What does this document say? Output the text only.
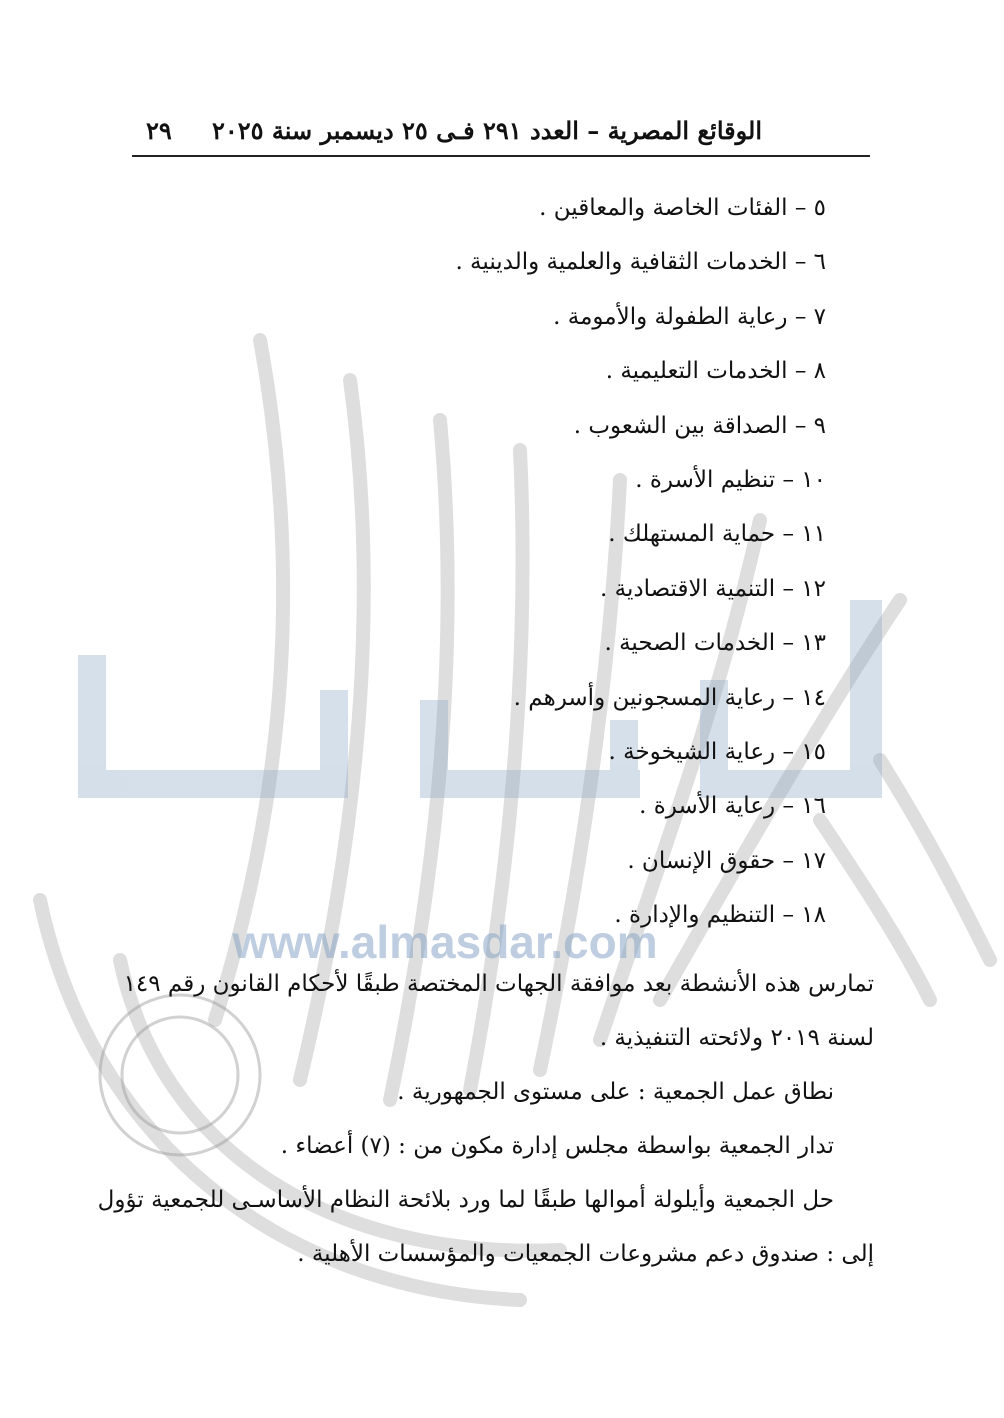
www.almasdar.com
الوقائع المصرية – العدد ٢٩١ فـى ٢٥ ديسمبر سنة ٢٠٢٥
٢٩
٥ – الفئات الخاصة والمعاقين .
٦ – الخدمات الثقافية والعلمية والدينية .
٧ – رعاية الطفولة والأمومة .
٨ – الخدمات التعليمية .
٩ – الصداقة بين الشعوب .
١٠ – تنظيم الأسرة .
١١ – حماية المستهلك .
١٢ – التنمية الاقتصادية .
١٣ – الخدمات الصحية .
١٤ – رعاية المسجونين وأسرهم .
١٥ – رعاية الشيخوخة .
١٦ – رعاية الأسرة .
١٧ – حقوق الإنسان .
١٨ – التنظيم والإدارة .
تمارس هذه الأنشطة بعد موافقة الجهات المختصة طبقًا لأحكام القانون رقم ١٤٩
لسنة ٢٠١٩ ولائحته التنفيذية .
نطاق عمل الجمعية : على مستوى الجمهورية .
تدار الجمعية بواسطة مجلس إدارة مكون من : (٧) أعضاء .
حل الجمعية وأيلولة أموالها طبقًا لما ورد بلائحة النظام الأساسـى للجمعية تؤول
إلى : صندوق دعم مشروعات الجمعيات والمؤسسات الأهلية .
